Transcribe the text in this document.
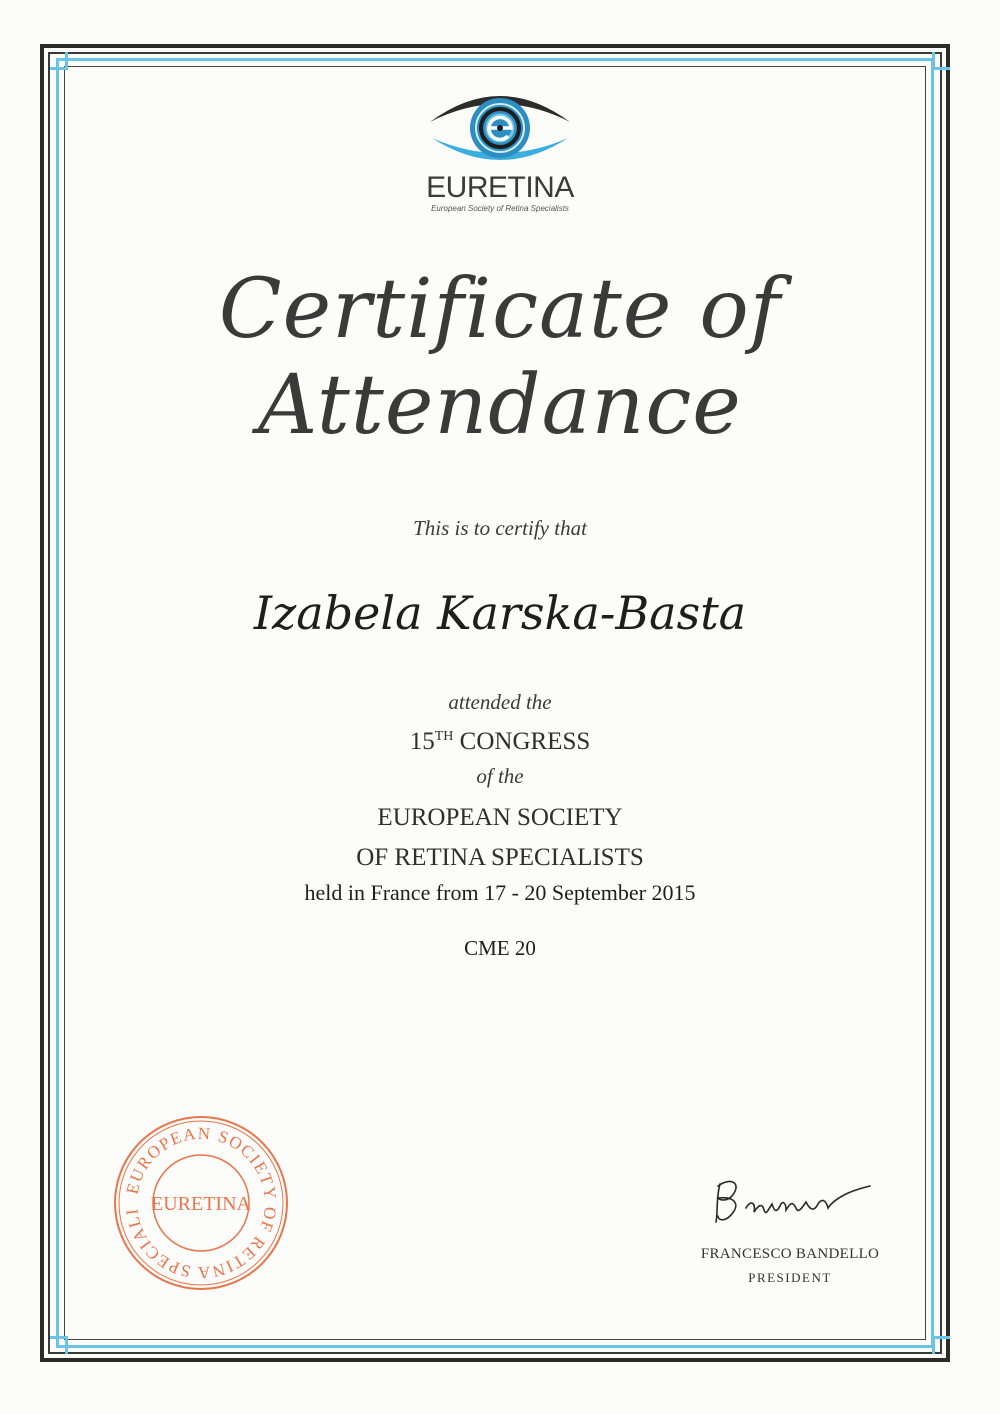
EURETINA
European Society of Retina Specialists
Certificate of
Attendance
This is to certify that
Izabela Karska-Basta
attended the
15TH CONGRESS
of the
EUROPEAN SOCIETY
OF RETINA SPECIALISTS
held in France from 17 - 20 September 2015
CME 20
EUROPEAN SOCIETY OF RETINA SPECIALI EURETINA
FRANCESCO BANDELLO
PRESIDENT
